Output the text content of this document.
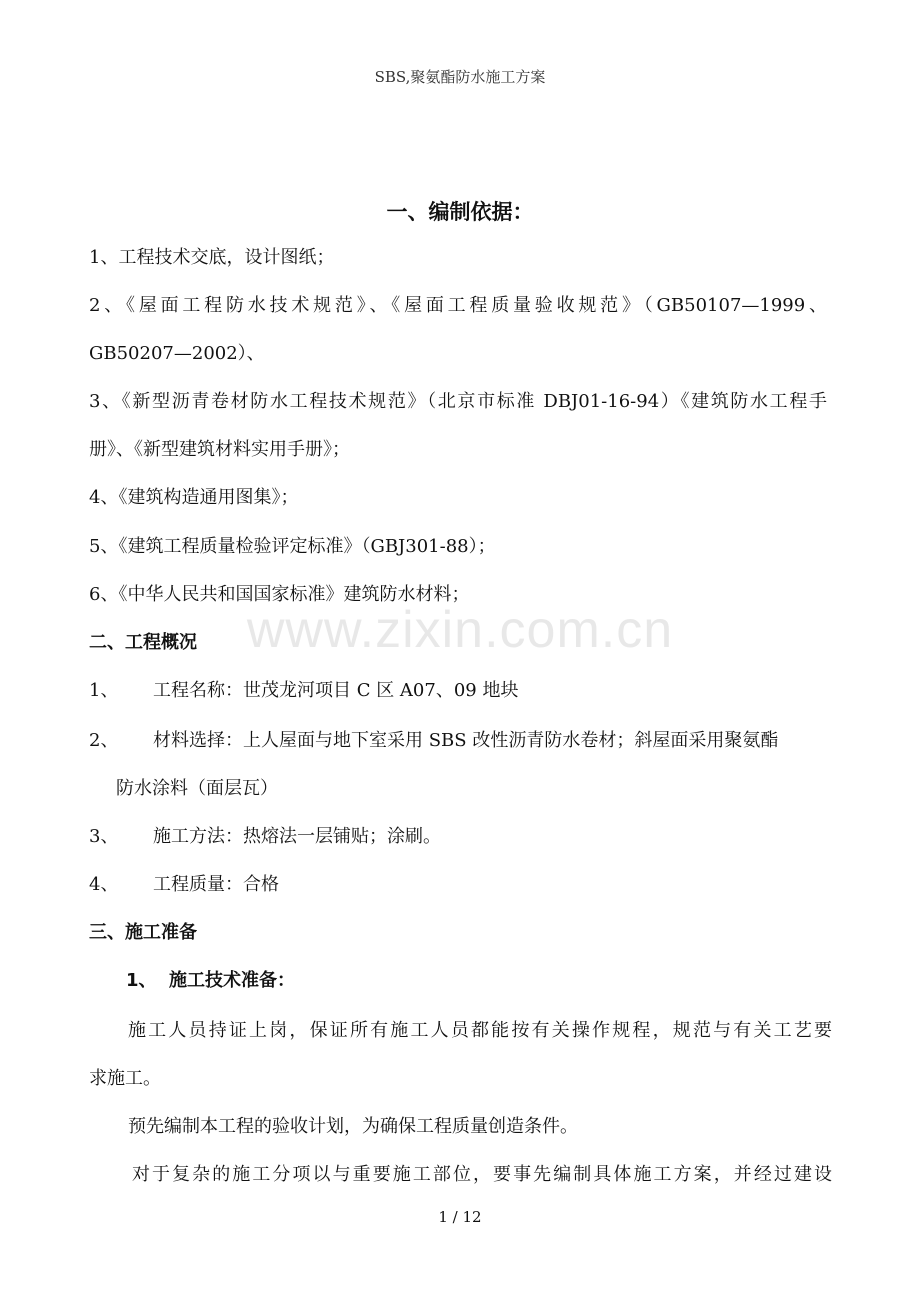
SBS,聚氨酯防水施工方案
一、编制依据：
1、工程技术交底，设计图纸；
2、《屋面工程防水技术规范》、《屋面工程质量验收规范》（GB50107—1999、
GB50207—2002）、
3、《新型沥青卷材防水工程技术规范》（北京市标准 DBJ01-16-94）《建筑防水工程手
册》、《新型建筑材料实用手册》；
4、《建筑构造通用图集》；
5、《建筑工程质量检验评定标准》（GBJ301-88）；
6、《中华人民共和国国家标准》建筑防水材料；
二、工程概况
1、 工程名称：世茂龙河项目 C 区 A07、09 地块
2、 材料选择：上人屋面与地下室采用 SBS 改性沥青防水卷材；斜屋面采用聚氨酯
防水涂料（面层瓦）
3、 施工方法：热熔法一层铺贴；涂刷。
4、 工程质量：合格
三、施工准备
1、  施工技术准备：
施工人员持证上岗，保证所有施工人员都能按有关操作规程，规范与有关工艺要
求施工。
预先编制本工程的验收计划，为确保工程质量创造条件。
对于复杂的施工分项以与重要施工部位，要事先编制具体施工方案，并经过建设
www.zixin.com.cn
1 / 12
